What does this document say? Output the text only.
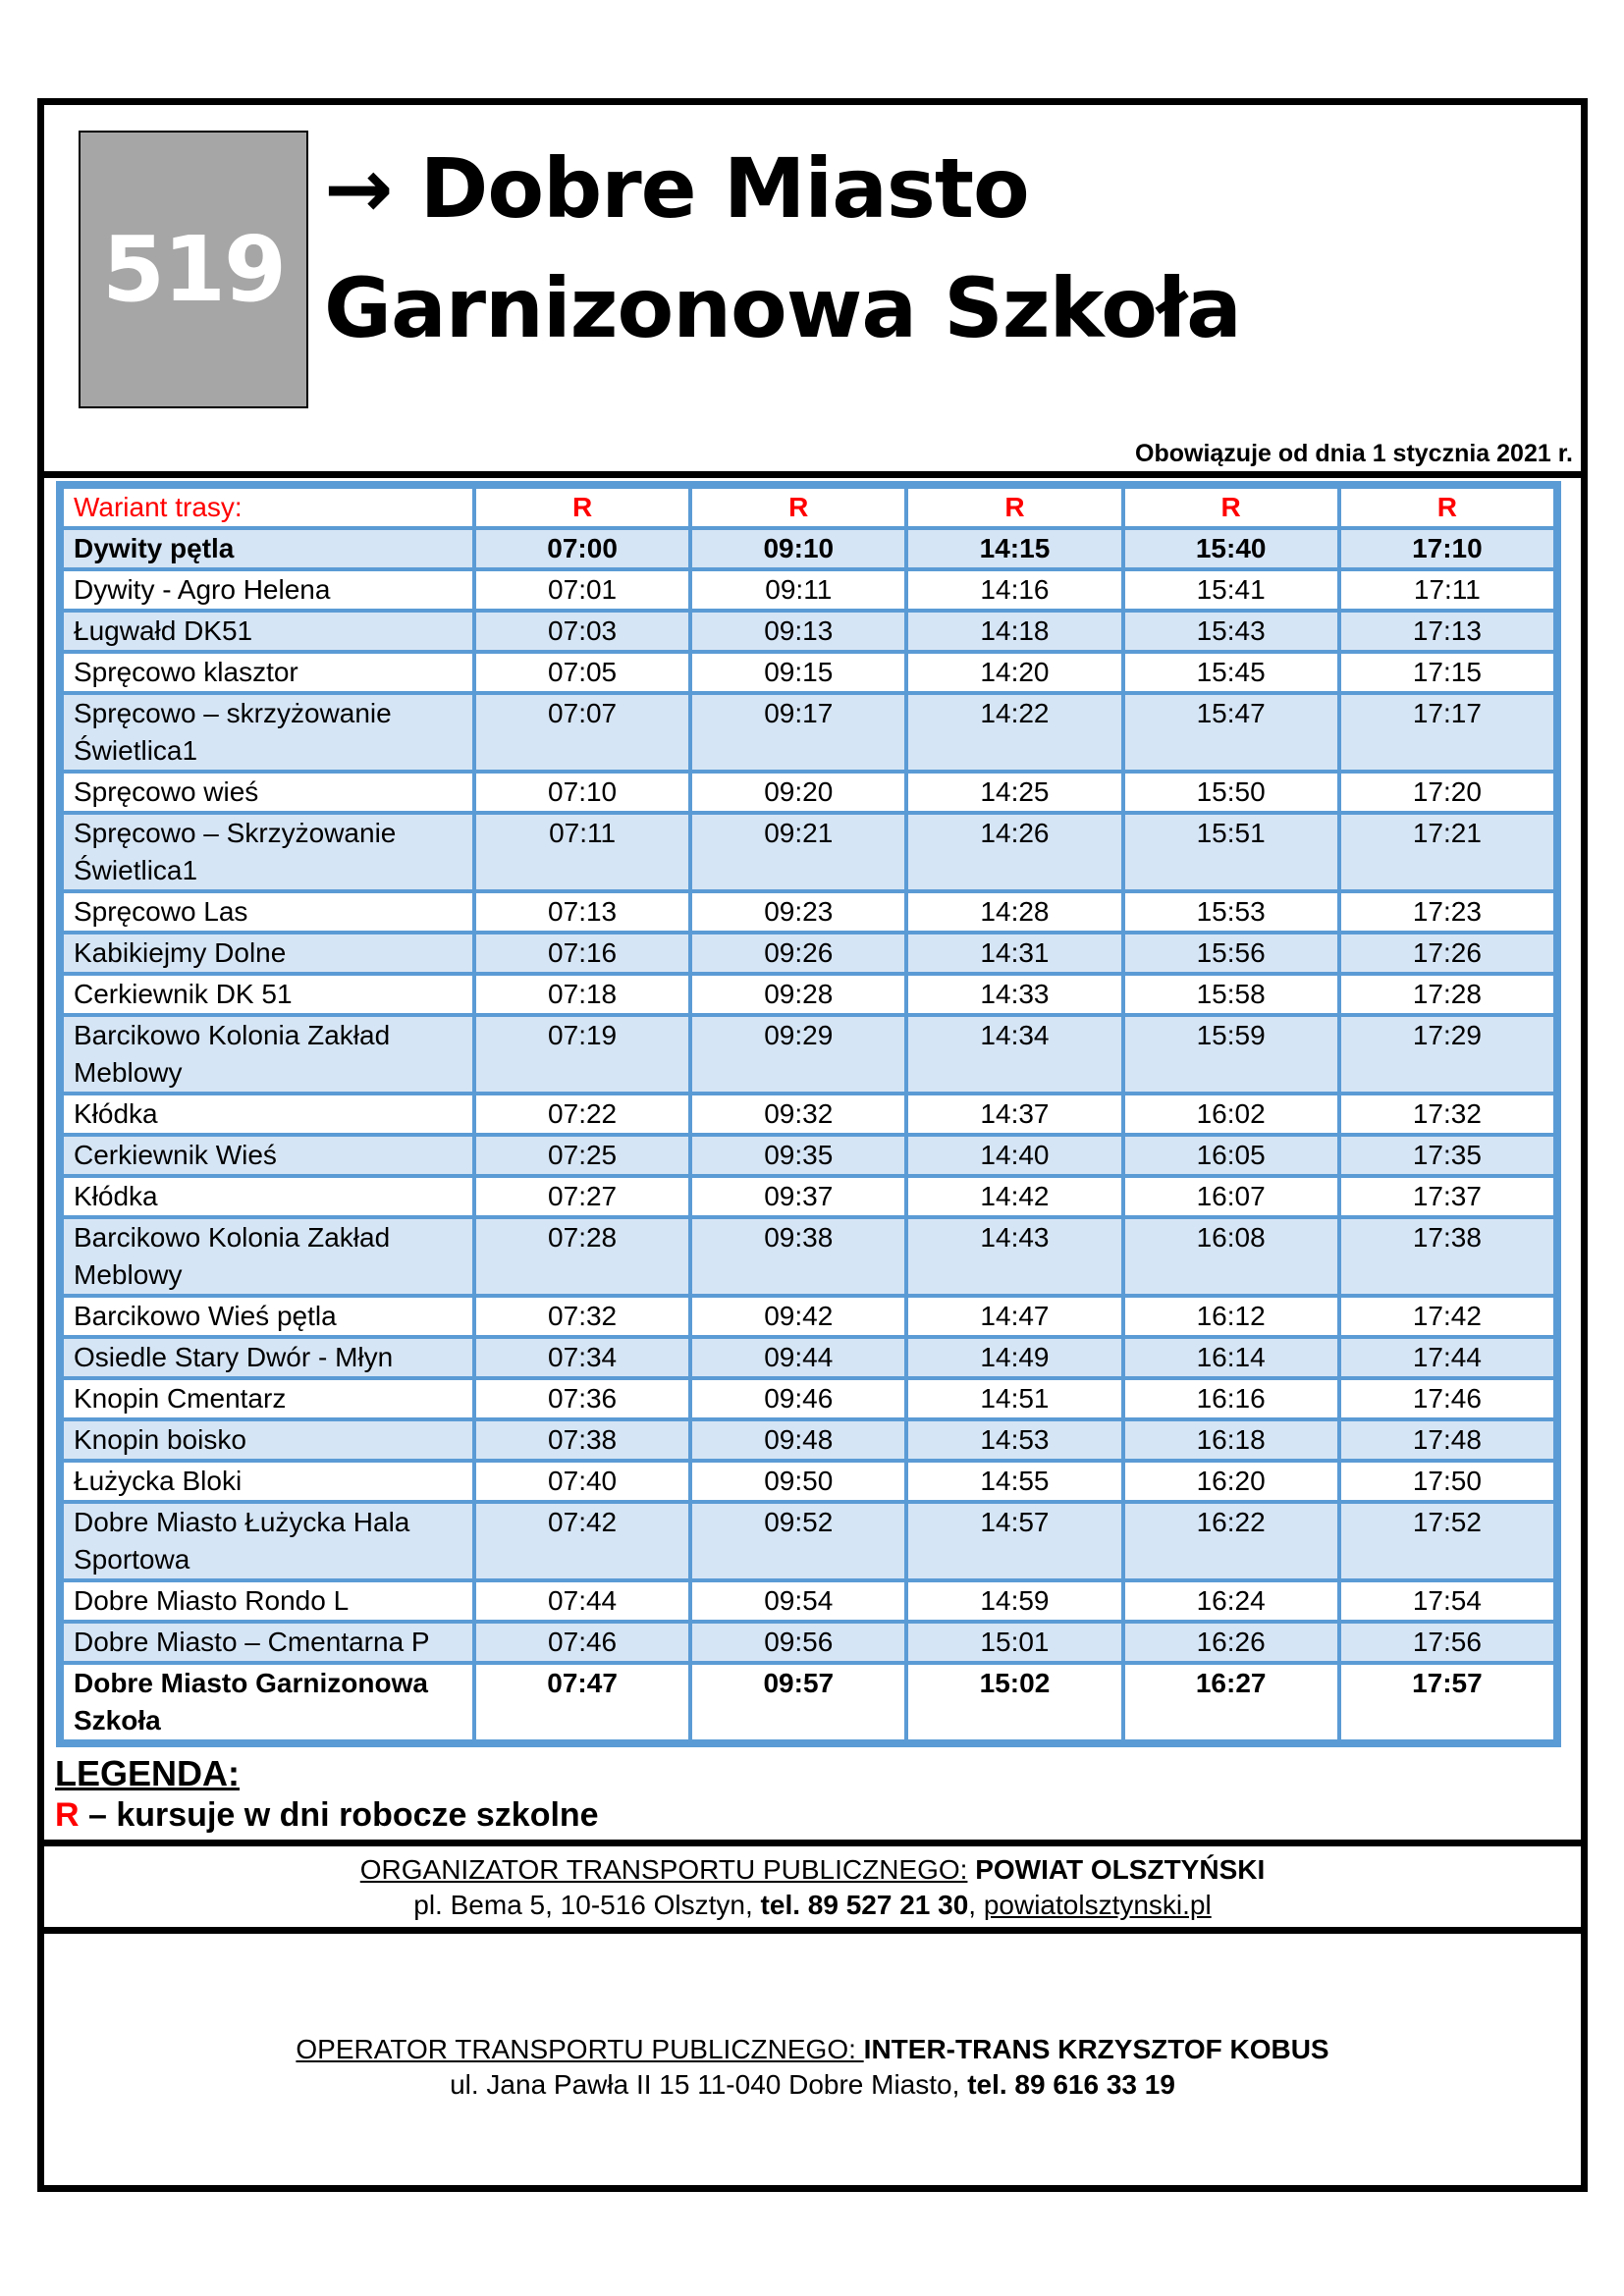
519
→ Dobre Miasto
Garnizonowa Szkoła
Obowiązuje od dnia 1 stycznia 2021 r.
Wariant trasy:	R	R	R	R	R
Dywity pętla	07:00	09:10	14:15	15:40	17:10
Dywity - Agro Helena	07:01	09:11	14:16	15:41	17:11
Ługwałd DK51	07:03	09:13	14:18	15:43	17:13
Spręcowo klasztor	07:05	09:15	14:20	15:45	17:15
Spręcowo – skrzyżowanie Świetlica1	07:07	09:17	14:22	15:47	17:17
Spręcowo wieś	07:10	09:20	14:25	15:50	17:20
Spręcowo – Skrzyżowanie Świetlica1	07:11	09:21	14:26	15:51	17:21
Spręcowo Las	07:13	09:23	14:28	15:53	17:23
Kabikiejmy Dolne	07:16	09:26	14:31	15:56	17:26
Cerkiewnik DK 51	07:18	09:28	14:33	15:58	17:28
Barcikowo Kolonia Zakład Meblowy	07:19	09:29	14:34	15:59	17:29
Kłódka	07:22	09:32	14:37	16:02	17:32
Cerkiewnik Wieś	07:25	09:35	14:40	16:05	17:35
Kłódka	07:27	09:37	14:42	16:07	17:37
Barcikowo Kolonia Zakład Meblowy	07:28	09:38	14:43	16:08	17:38
Barcikowo Wieś pętla	07:32	09:42	14:47	16:12	17:42
Osiedle Stary Dwór - Młyn	07:34	09:44	14:49	16:14	17:44
Knopin Cmentarz	07:36	09:46	14:51	16:16	17:46
Knopin boisko	07:38	09:48	14:53	16:18	17:48
Łużycka Bloki	07:40	09:50	14:55	16:20	17:50
Dobre Miasto Łużycka Hala Sportowa	07:42	09:52	14:57	16:22	17:52
Dobre Miasto Rondo L	07:44	09:54	14:59	16:24	17:54
Dobre Miasto – Cmentarna P	07:46	09:56	15:01	16:26	17:56
Dobre Miasto Garnizonowa Szkoła	07:47	09:57	15:02	16:27	17:57
LEGENDA:
R – kursuje w dni robocze szkolne
ORGANIZATOR TRANSPORTU PUBLICZNEGO: POWIAT OLSZTYŃSKI
pl. Bema 5, 10-516 Olsztyn, tel. 89 527 21 30, powiatolsztynski.pl
OPERATOR TRANSPORTU PUBLICZNEGO: INTER-TRANS KRZYSZTOF KOBUS
ul. Jana Pawła II 15 11-040 Dobre Miasto, tel. 89 616 33 19
